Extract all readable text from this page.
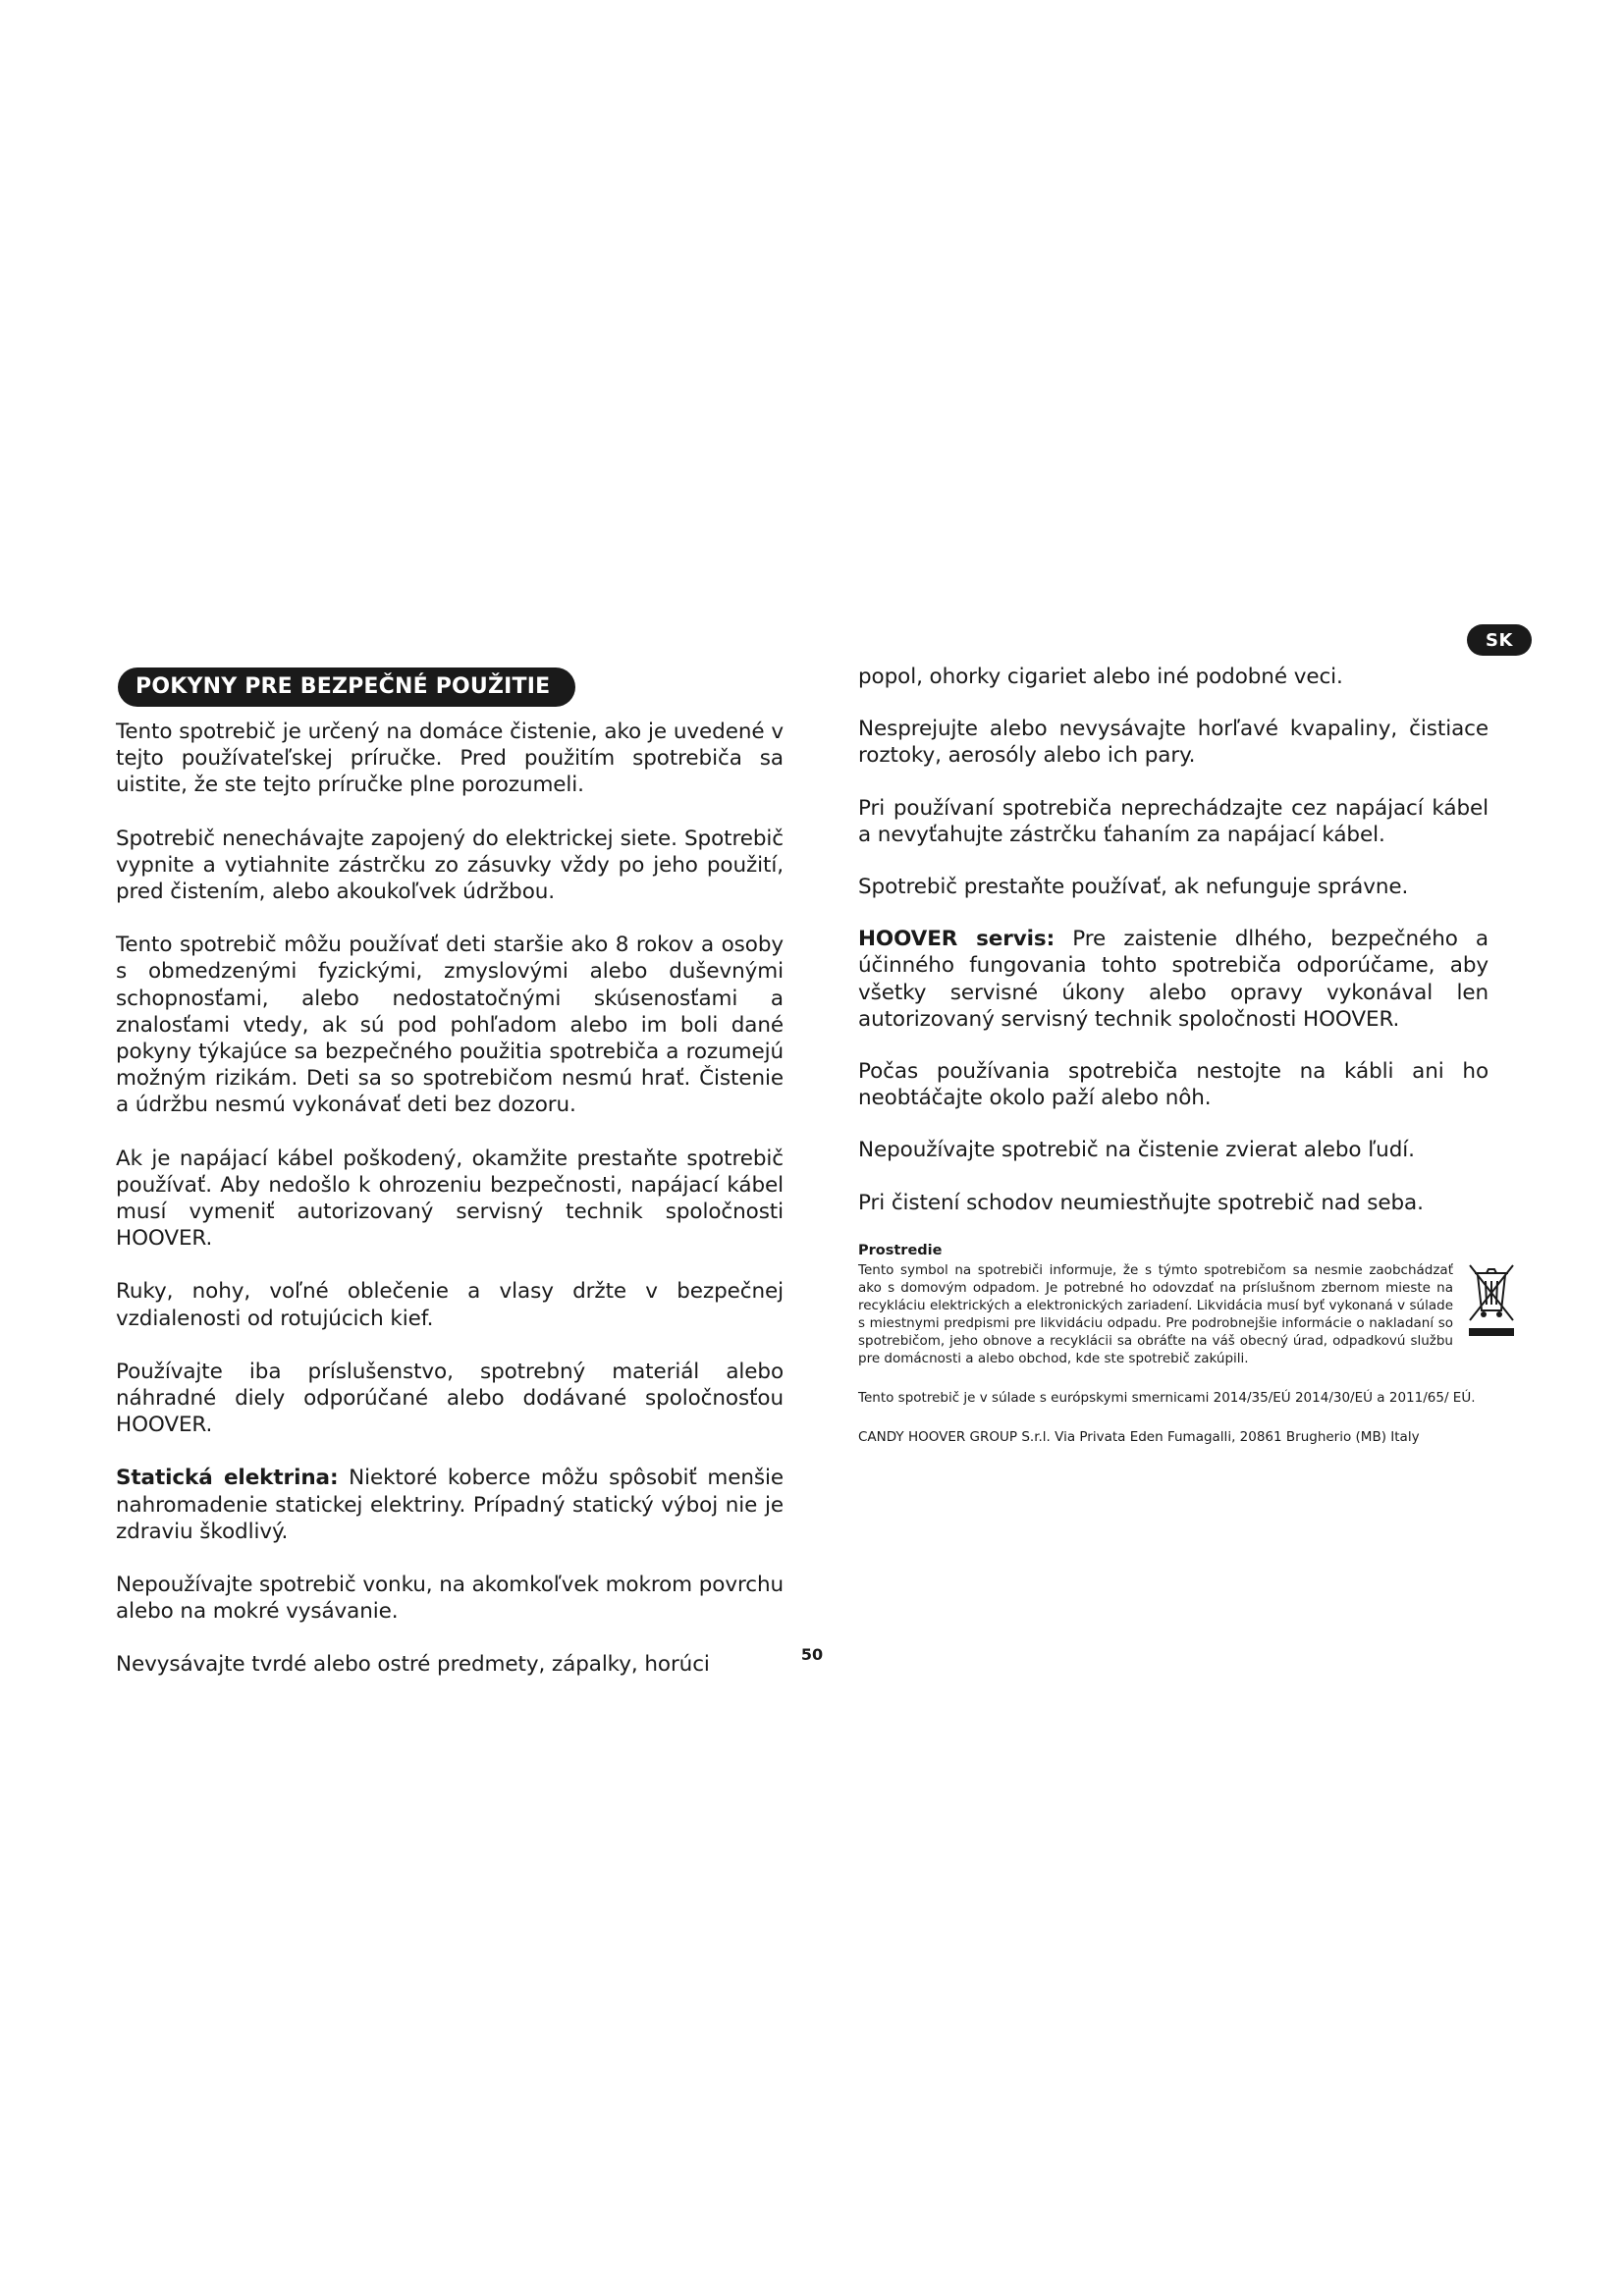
SK
POKYNY PRE BEZPEČNÉ POUŽITIE

Tento spotrebič je určený na domáce čistenie, ako je uvedené v tejto používateľskej príručke. Pred použitím spotrebiča sa uistite, že ste tejto príručke plne porozumeli.

Spotrebič nenechávajte zapojený do elektrickej siete. Spotrebič vypnite a vytiahnite zástrčku zo zásuvky vždy po jeho použití, pred čistením, alebo akoukoľvek údržbou.

Tento spotrebič môžu používať deti staršie ako 8 rokov a osoby s obmedzenými fyzickými, zmyslovými alebo duševnými schopnosťami, alebo nedostatočnými skúsenosťami a znalosťami vtedy, ak sú pod pohľadom alebo im boli dané pokyny týkajúce sa bezpečného použitia spotrebiča a rozumejú možným rizikám. Deti sa so spotrebičom nesmú hrať. Čistenie a údržbu nesmú vykonávať deti bez dozoru.

Ak je napájací kábel poškodený, okamžite prestaňte spotrebič používať. Aby nedošlo k ohrozeniu bezpečnosti, napájací kábel musí vymeniť autorizovaný servisný technik spoločnosti HOOVER.

Ruky, nohy, voľné oblečenie a vlasy držte v bezpečnej vzdialenosti od rotujúcich kief.

Používajte iba príslušenstvo, spotrebný materiál alebo náhradné diely odporúčané alebo dodávané spoločnosťou HOOVER.

Statická elektrina: Niektoré koberce môžu spôsobiť menšie nahromadenie statickej elektriny. Prípadný statický výboj nie je zdraviu škodlivý.

Nepoužívajte spotrebič vonku, na akomkoľvek mokrom povrchu alebo na mokré vysávanie.

Nevysávajte tvrdé alebo ostré predmety, zápalky, horúci

popol, ohorky cigariet alebo iné podobné veci.

Nesprejujte alebo nevysávajte horľavé kvapaliny, čistiace roztoky, aerosóly alebo ich pary.

Pri používaní spotrebiča neprechádzajte cez napájací kábel a nevyťahujte zástrčku ťahaním za napájací kábel.

Spotrebič prestaňte používať, ak nefunguje správne.

HOOVER servis: Pre zaistenie dlhého, bezpečného a účinného fungovania tohto spotrebiča odporúčame, aby všetky servisné úkony alebo opravy vykonával len autorizovaný servisný technik spoločnosti HOOVER.

Počas používania spotrebiča nestojte na kábli ani ho neobtáčajte okolo paží alebo nôh.

Nepoužívajte spotrebič na čistenie zvierat alebo ľudí.

Pri čistení schodov neumiestňujte spotrebič nad seba.

Prostredie

Tento symbol na spotrebiči informuje, že s týmto spotrebičom sa nesmie zaobchádzať ako s domovým odpadom. Je potrebné ho odovzdať na príslušnom zbernom mieste na recykláciu elektrických a elektronických zariadení. Likvidácia musí byť vykonaná v súlade s miestnymi predpismi pre likvidáciu odpadu. Pre podrobnejšie informácie o nakladaní so spotrebičom, jeho obnove a recyklácii sa obráťte na váš obecný úrad, odpadkovú službu pre domácnosti a alebo obchod, kde ste spotrebič zakúpili.

Tento spotrebič je v súlade s európskymi smernicami 2014/35/EÚ 2014/30/EÚ a 2011/65/ EÚ.

CANDY HOOVER GROUP S.r.l. Via Privata Eden Fumagalli, 20861 Brugherio (MB) Italy

50
